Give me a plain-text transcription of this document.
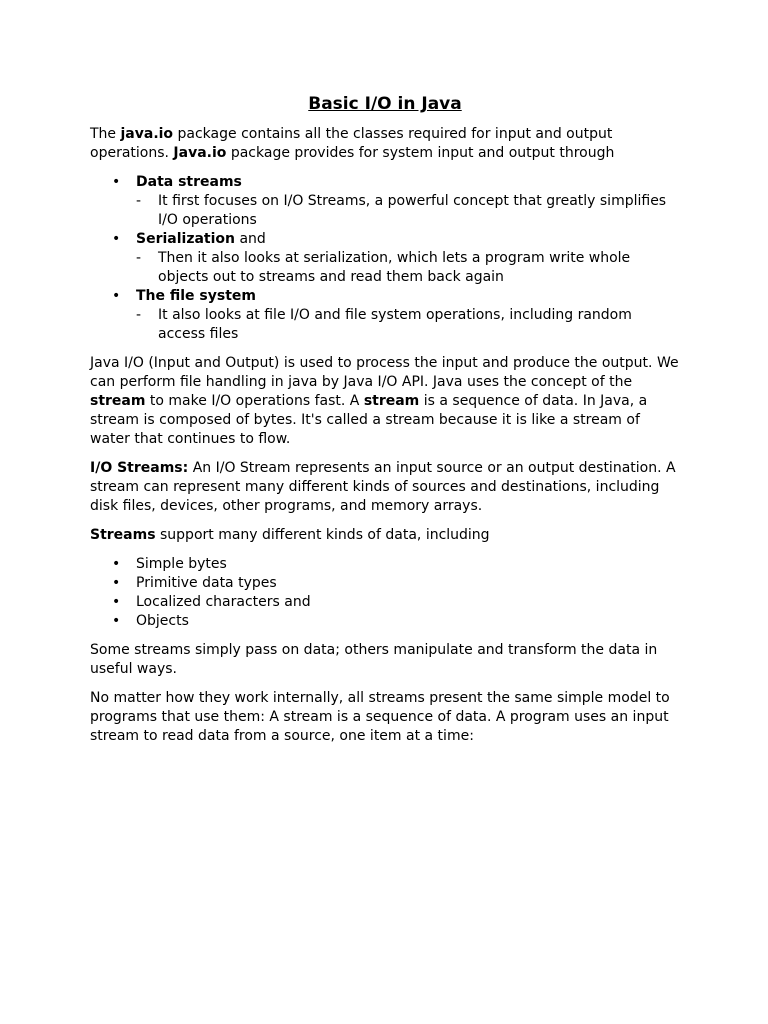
Basic I/O in Java

The java.io package contains all the classes required for input and output operations. Java.io package provides for system input and output through

• Data streams
- It first focuses on I/O Streams, a powerful concept that greatly simplifies I/O operations
• Serialization and
- Then it also looks at serialization, which lets a program write whole objects out to streams and read them back again
• The file system
- It also looks at file I/O and file system operations, including random access files

Java I/O (Input and Output) is used to process the input and produce the output. We can perform file handling in java by Java I/O API. Java uses the concept of the stream to make I/O operations fast. A stream is a sequence of data. In Java, a stream is composed of bytes. It's called a stream because it is like a stream of water that continues to flow.

I/O Streams: An I/O Stream represents an input source or an output destination. A stream can represent many different kinds of sources and destinations, including disk files, devices, other programs, and memory arrays.

Streams support many different kinds of data, including

• Simple bytes
• Primitive data types
• Localized characters and
• Objects

Some streams simply pass on data; others manipulate and transform the data in useful ways.

No matter how they work internally, all streams present the same simple model to programs that use them: A stream is a sequence of data. A program uses an input stream to read data from a source, one item at a time:
